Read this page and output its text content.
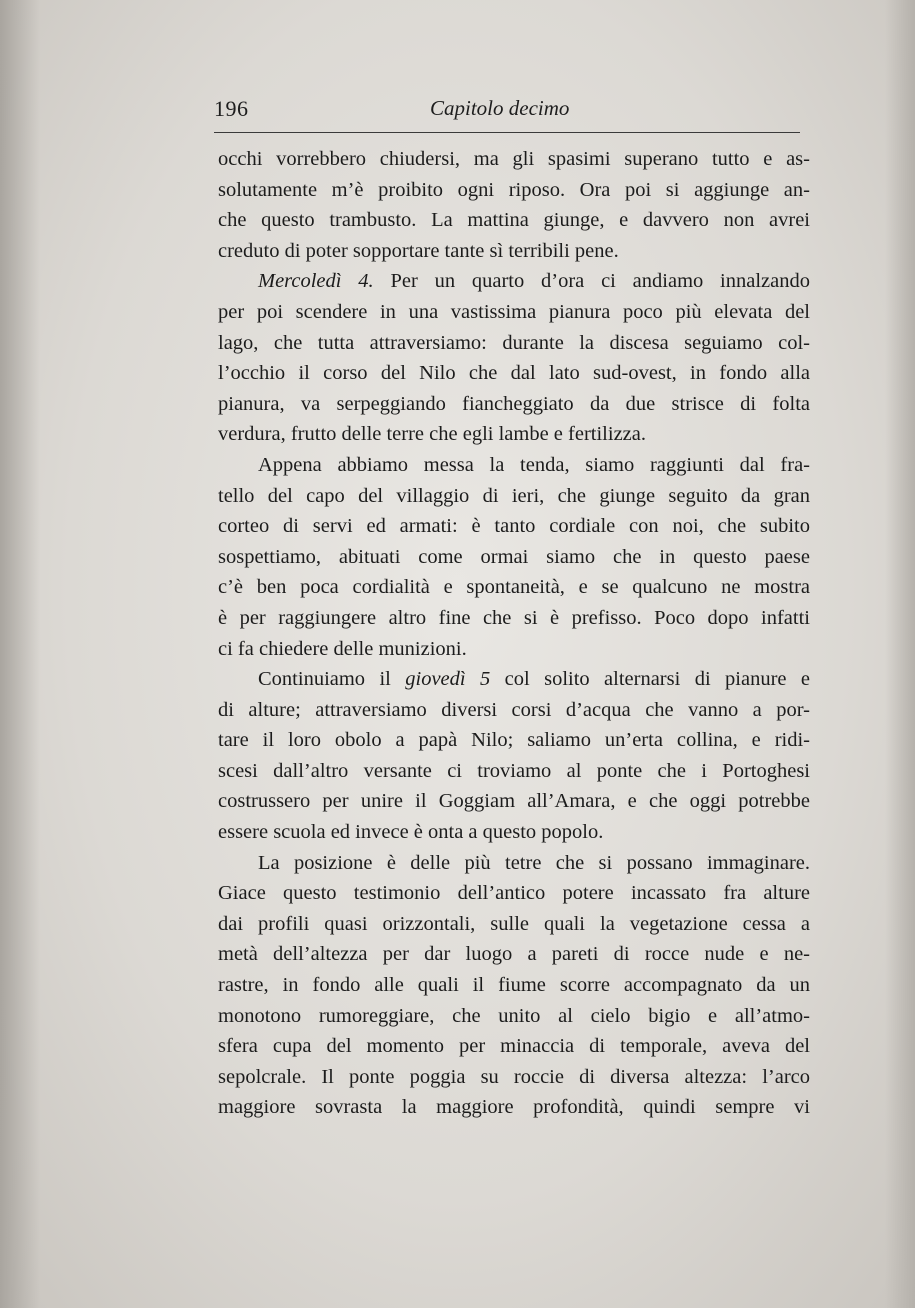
196	Capitolo decimo
occhi vorrebbero chiudersi, ma gli spasimi superano tutto e as-
solutamente m’è proibito ogni riposo. Ora poi si aggiunge an-
che questo trambusto. La mattina giunge, e davvero non avrei
creduto di poter sopportare tante sì terribili pene.
Mercoledì 4. Per un quarto d’ora ci andiamo innalzando
per poi scendere in una vastissima pianura poco più elevata del
lago, che tutta attraversiamo: durante la discesa seguiamo col-
l’occhio il corso del Nilo che dal lato sud-ovest, in fondo alla
pianura, va serpeggiando fiancheggiato da due strisce di folta
verdura, frutto delle terre che egli lambe e fertilizza.
Appena abbiamo messa la tenda, siamo raggiunti dal fra-
tello del capo del villaggio di ieri, che giunge seguito da gran
corteo di servi ed armati: è tanto cordiale con noi, che subito
sospettiamo, abituati come ormai siamo che in questo paese
c’è ben poca cordialità e spontaneità, e se qualcuno ne mostra
è per raggiungere altro fine che si è prefisso. Poco dopo infatti
ci fa chiedere delle munizioni.
Continuiamo il giovedì 5 col solito alternarsi di pianure e
di alture; attraversiamo diversi corsi d’acqua che vanno a por-
tare il loro obolo a papà Nilo; saliamo un’erta collina, e ridi-
scesi dall’altro versante ci troviamo al ponte che i Portoghesi
costrussero per unire il Goggiam all’Amara, e che oggi potrebbe
essere scuola ed invece è onta a questo popolo.
La posizione è delle più tetre che si possano immaginare.
Giace questo testimonio dell’antico potere incassato fra alture
dai profili quasi orizzontali, sulle quali la vegetazione cessa a
metà dell’altezza per dar luogo a pareti di rocce nude e ne-
rastre, in fondo alle quali il fiume scorre accompagnato da un
monotono rumoreggiare, che unito al cielo bigio e all’atmo-
sfera cupa del momento per minaccia di temporale, aveva del
sepolcrale. Il ponte poggia su roccie di diversa altezza: l’arco
maggiore sovrasta la maggiore profondità, quindi sempre vi
